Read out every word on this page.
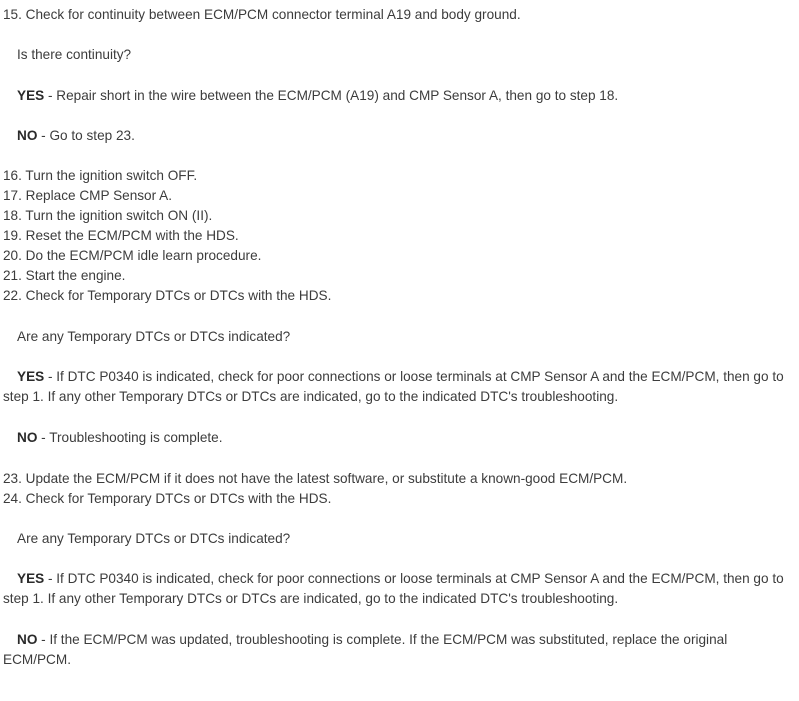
15. Check for continuity between ECM/PCM connector terminal A19 and body ground.
Is there continuity?
YES - Repair short in the wire between the ECM/PCM (A19) and CMP Sensor A, then go to step 18.
NO - Go to step 23.
16. Turn the ignition switch OFF.
17. Replace CMP Sensor A.
18. Turn the ignition switch ON (II).
19. Reset the ECM/PCM with the HDS.
20. Do the ECM/PCM idle learn procedure.
21. Start the engine.
22. Check for Temporary DTCs or DTCs with the HDS.
Are any Temporary DTCs or DTCs indicated?
YES - If DTC P0340 is indicated, check for poor connections or loose terminals at CMP Sensor A and the ECM/PCM, then go to step 1. If any other Temporary DTCs or DTCs are indicated, go to the indicated DTC's troubleshooting.
NO - Troubleshooting is complete.
23. Update the ECM/PCM if it does not have the latest software, or substitute a known-good ECM/PCM.
24. Check for Temporary DTCs or DTCs with the HDS.
Are any Temporary DTCs or DTCs indicated?
YES - If DTC P0340 is indicated, check for poor connections or loose terminals at CMP Sensor A and the ECM/PCM, then go to step 1. If any other Temporary DTCs or DTCs are indicated, go to the indicated DTC's troubleshooting.
NO - If the ECM/PCM was updated, troubleshooting is complete. If the ECM/PCM was substituted, replace the original ECM/PCM.
